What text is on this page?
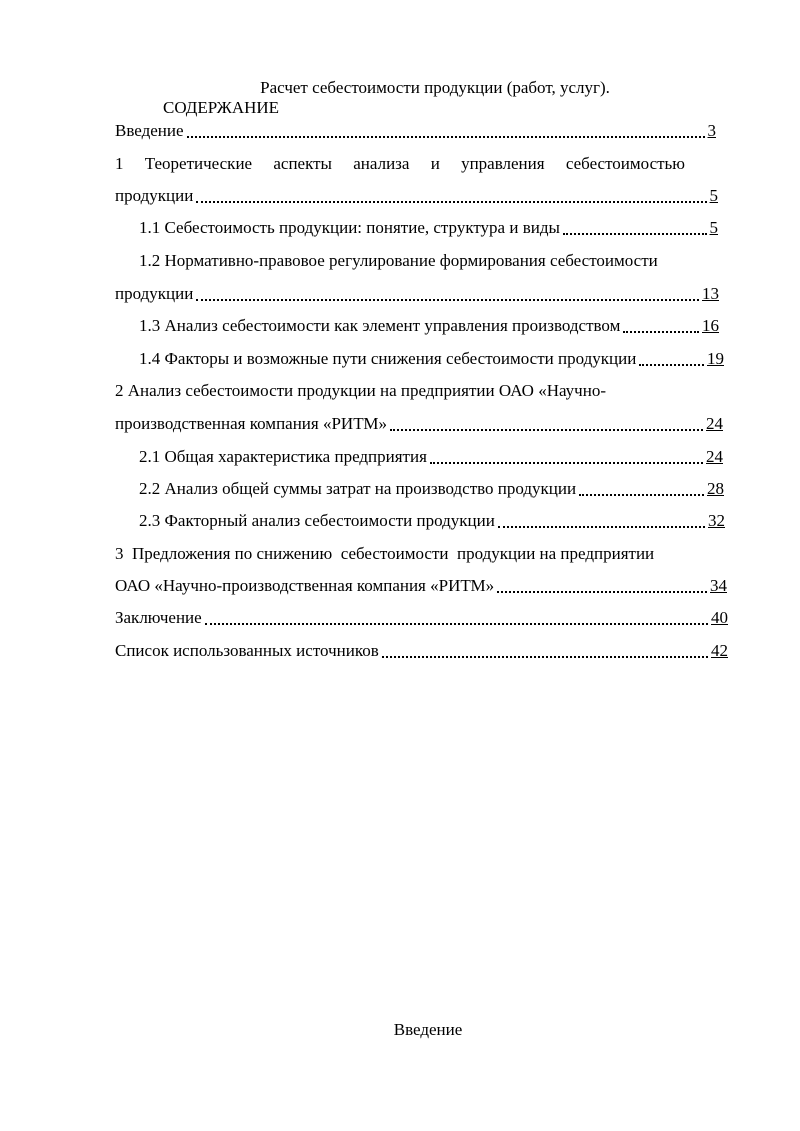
Расчет себестоимости продукции (работ, услуг).
СОДЕРЖАНИЕ
Введение	3
1 Теоретические аспекты анализа и управления себестоимостью
продукции	5
1.1 Себестоимость продукции: понятие, структура и виды	5
1.2 Нормативно-правовое регулирование формирования себестоимости
продукции	13
1.3 Анализ себестоимости как элемент управления производством	16
1.4 Факторы и возможные пути снижения себестоимости продукции	19
2 Анализ себестоимости продукции на предприятии ОАО «Научно-
производственная компания «РИТМ»	24
2.1 Общая характеристика предприятия	24
2.2 Анализ общей суммы затрат на производство продукции	28
2.3 Факторный анализ себестоимости продукции	32
3  Предложения по снижению  себестоимости  продукции на предприятии
ОАО «Научно-производственная компания «РИТМ»	34
Заключение	40
Список использованных источников	42
Введение
